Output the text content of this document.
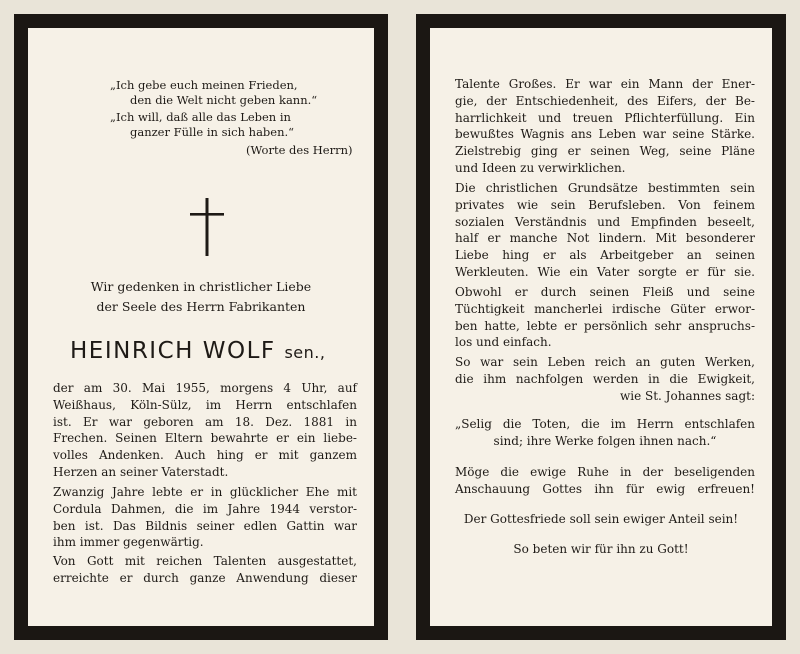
„Ich gebe euch meinen Frieden,
den die Welt nicht geben kann.“
„Ich will, daß alle das Leben in
ganzer Fülle in sich haben.“
(Worte des Herrn)
Wir gedenken in christlicher Liebe
der Seele des Herrn Fabrikanten
HEINRICH WOLF sen.,
der am 30. Mai 1955, morgens 4 Uhr, auf
Weißhaus, Köln-Sülz, im Herrn entschlafen
ist. Er war geboren am 18. Dez. 1881 in
Frechen. Seinen Eltern bewahrte er ein liebe-
volles Andenken. Auch hing er mit ganzem
Herzen an seiner Vaterstadt.
Zwanzig Jahre lebte er in glücklicher Ehe mit
Cordula Dahmen, die im Jahre 1944 verstor-
ben ist. Das Bildnis seiner edlen Gattin war
ihm immer gegenwärtig.
Von Gott mit reichen Talenten ausgestattet,
erreichte er durch ganze Anwendung dieser
Talente Großes. Er war ein Mann der Ener-
gie, der Entschiedenheit, des Eifers, der Be-
harrlichkeit und treuen Pflichterfüllung. Ein
bewußtes Wagnis ans Leben war seine Stärke.
Zielstrebig ging er seinen Weg, seine Pläne
und Ideen zu verwirklichen.
Die christlichen Grundsätze bestimmten sein
privates wie sein Berufsleben. Von feinem
sozialen Verständnis und Empfinden beseelt,
half er manche Not lindern. Mit besonderer
Liebe hing er als Arbeitgeber an seinen
Werkleuten. Wie ein Vater sorgte er für sie.
Obwohl er durch seinen Fleiß und seine
Tüchtigkeit mancherlei irdische Güter erwor-
ben hatte, lebte er persönlich sehr anspruchs-
los und einfach.
So war sein Leben reich an guten Werken,
die ihm nachfolgen werden in die Ewigkeit,
wie St. Johannes sagt:
„Selig die Toten, die im Herrn entschlafen
sind; ihre Werke folgen ihnen nach.“
Möge die ewige Ruhe in der beseligenden
Anschauung Gottes ihn für ewig erfreuen!
Der Gottesfriede soll sein ewiger Anteil sein!
So beten wir für ihn zu Gott!
